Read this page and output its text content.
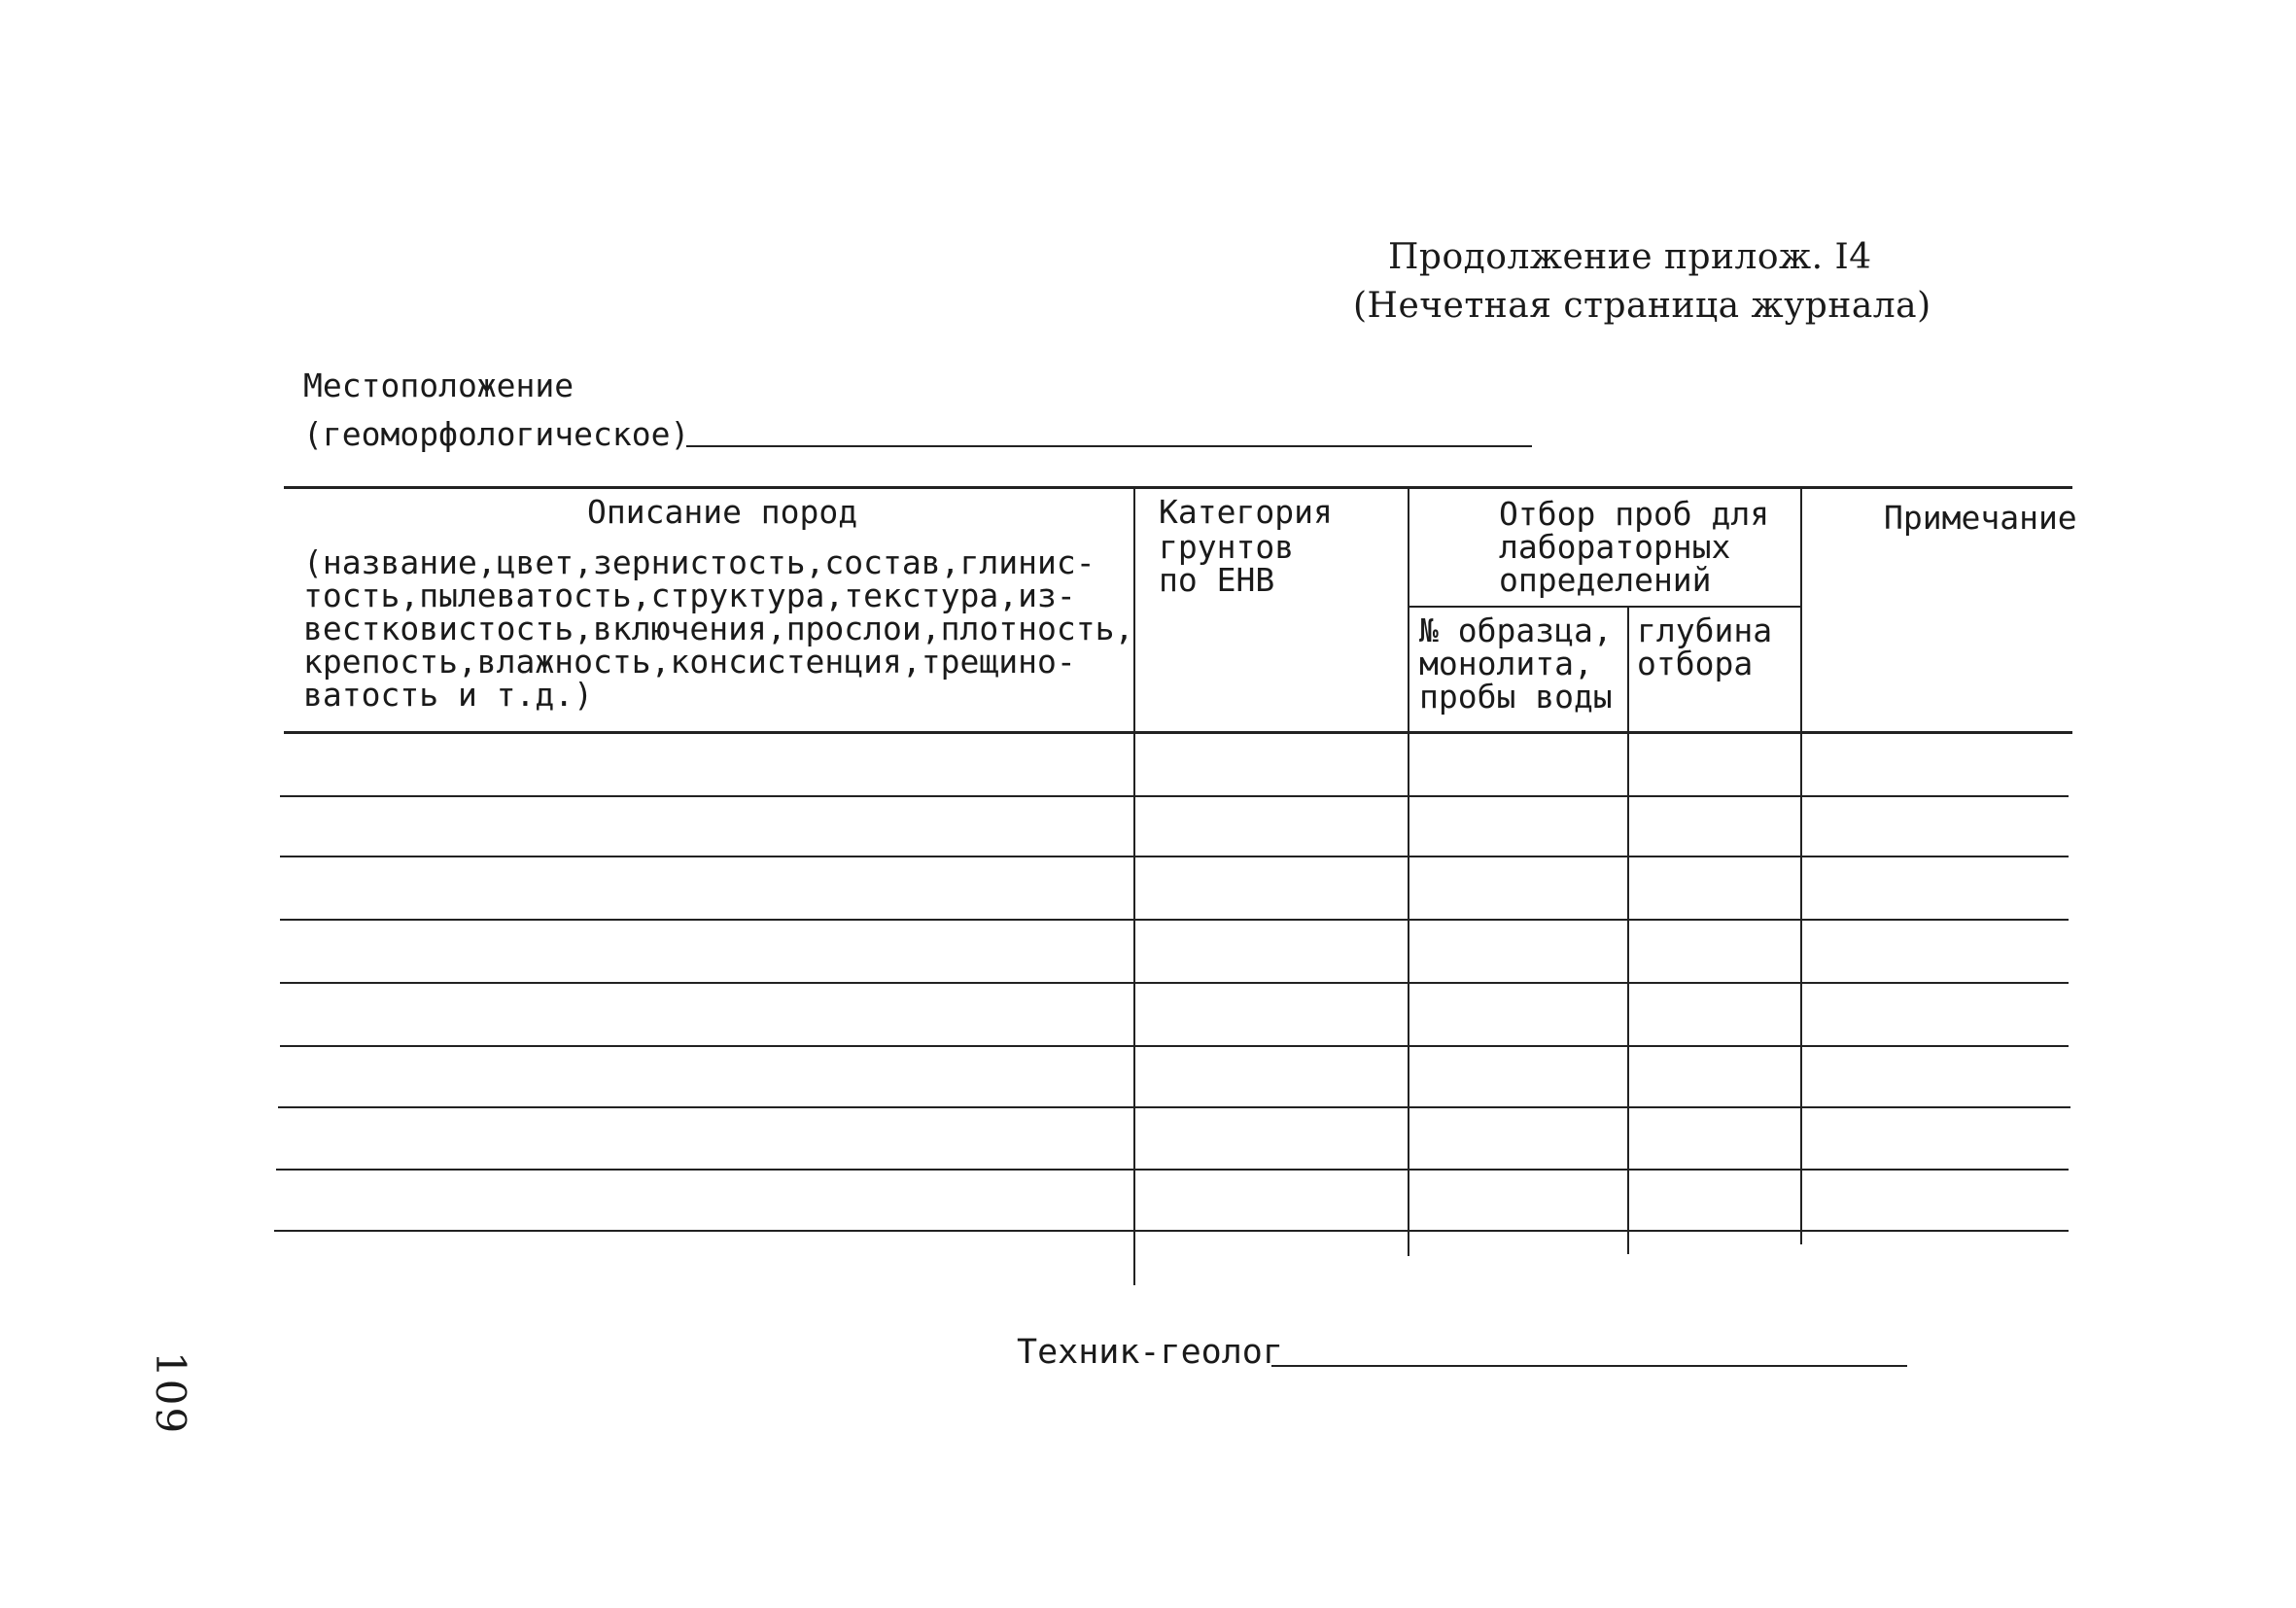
Продолжение прилож. I4
(Нечетная страница журнала)
Местоположение
(геоморфологическое)
Описание пород
(название,цвет,зернистость,состав,глинис-
тость,пылеватость,структура,текстура,из-
вестковистость,включения,прослои,плотность,
крепость,влажность,консистенция,трещино-
ватость и т.д.)
Категория
грунтов
по ЕНВ
Отбор проб для
лабораторных
определений
№ образца,
монолита,
пробы воды
глубина
отбора
Примечание
Техник-геолог
109
